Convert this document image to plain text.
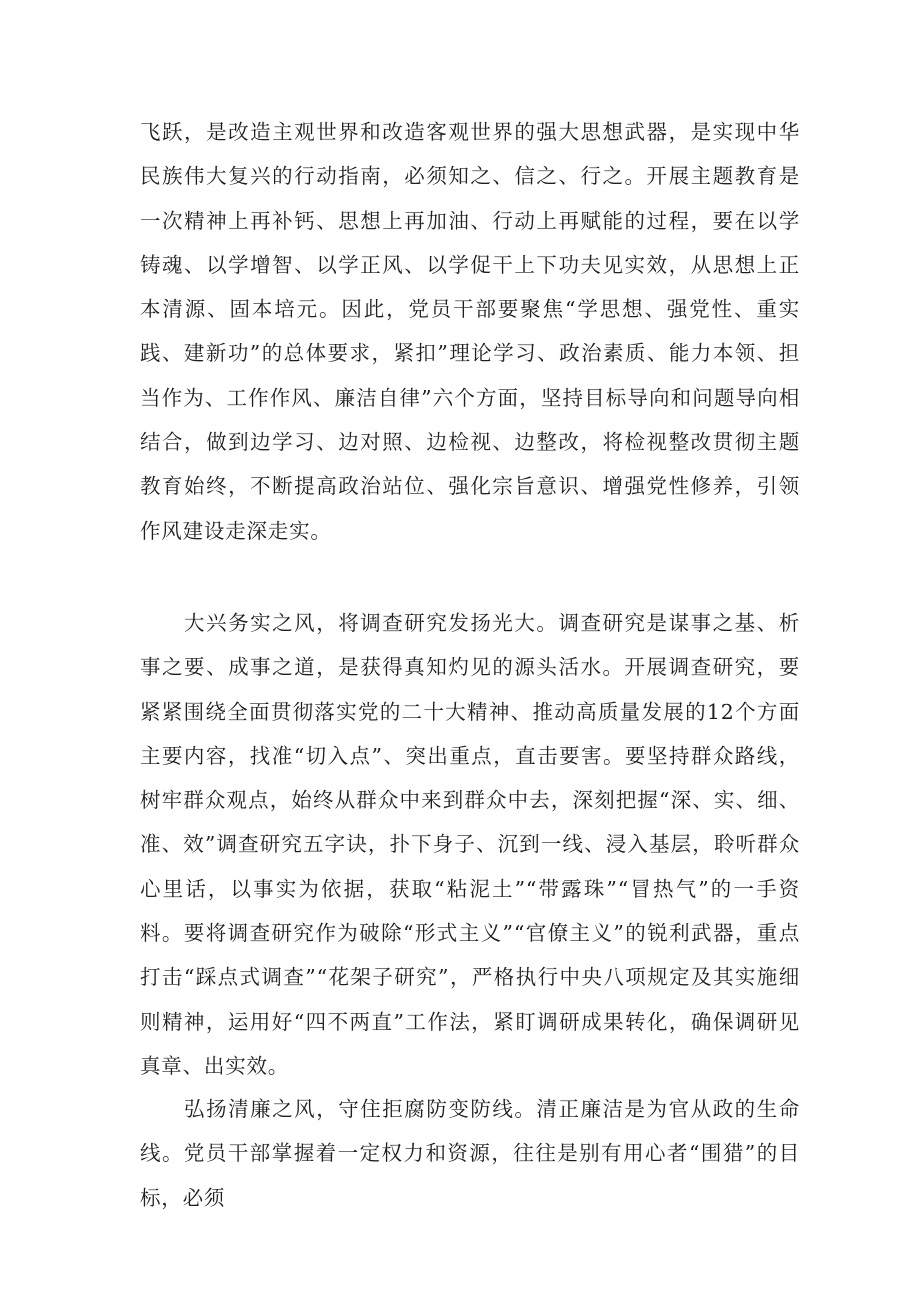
飞跃，是改造主观世界和改造客观世界的强大思想武器，是实现中华民族伟大复兴的行动指南，必须知之、信之、行之。开展主题教育是一次精神上再补钙、思想上再加油、行动上再赋能的过程，要在以学铸魂、以学增智、以学正风、以学促干上下功夫见实效，从思想上正本清源、固本培元。因此，党员干部要聚焦“学思想、强党性、重实践、建新功”的总体要求，紧扣”理论学习、政治素质、能力本领、担当作为、工作作风、廉洁自律”六个方面，坚持目标导向和问题导向相结合，做到边学习、边对照、边检视、边整改，将检视整改贯彻主题教育始终，不断提高政治站位、强化宗旨意识、增强党性修养，引领作风建设走深走实。

　　大兴务实之风，将调查研究发扬光大。调查研究是谋事之基、析事之要、成事之道，是获得真知灼见的源头活水。开展调查研究，要紧紧围绕全面贯彻落实党的二十大精神、推动高质量发展的12个方面主要内容，找准“切入点”、突出重点，直击要害。要坚持群众路线，树牢群众观点，始终从群众中来到群众中去，深刻把握“深、实、细、准、效”调查研究五字诀，扑下身子、沉到一线、浸入基层，聆听群众心里话，以事实为依据，获取“粘泥土”“带露珠”“冒热气”的一手资料。要将调查研究作为破除“形式主义”“官僚主义”的锐利武器，重点打击“踩点式调查”“花架子研究”，严格执行中央八项规定及其实施细则精神，运用好“四不两直”工作法，紧盯调研成果转化，确保调研见真章、出实效。

　　弘扬清廉之风，守住拒腐防变防线。清正廉洁是为官从政的生命线。党员干部掌握着一定权力和资源，往往是别有用心者“围猎”的目标，必须
